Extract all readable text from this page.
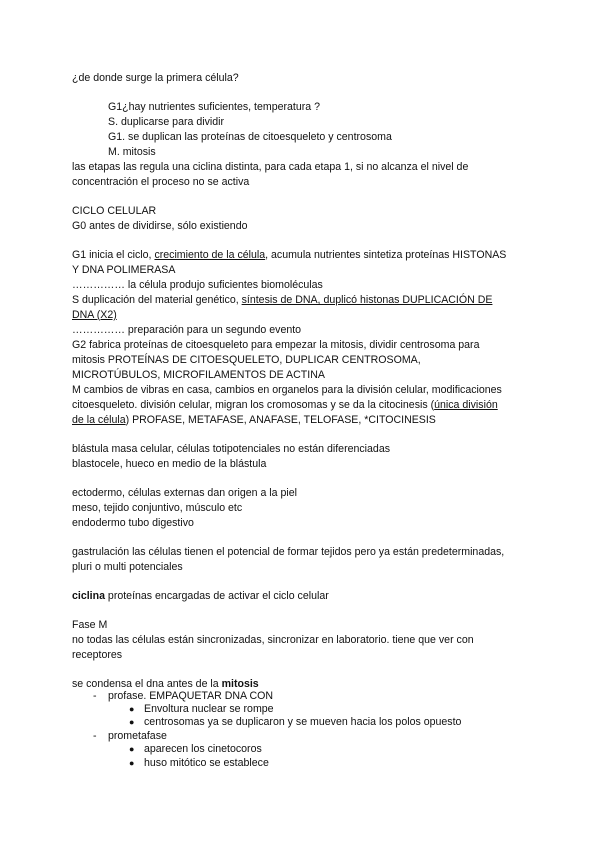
¿de donde surge la primera célula?
G1¿hay nutrientes suficientes, temperatura ?
S. duplicarse para dividir
G1. se duplican las proteínas de citoesqueleto y centrosoma
M. mitosis
las etapas las regula una ciclina distinta, para cada etapa 1, si no alcanza el nivel de
concentración el proceso no se activa
CICLO CELULAR
G0 antes de dividirse, sólo existiendo
G1 inicia el ciclo, crecimiento de la célula, acumula nutrientes sintetiza proteínas HISTONAS
Y DNA POLIMERASA
…………… la célula produjo suficientes biomoléculas
S duplicación del material genético, síntesis de DNA, duplicó histonas DUPLICACIÓN DE
DNA (X2)
…………… preparación para un segundo evento
G2 fabrica proteínas de citoesqueleto para empezar la mitosis, dividir centrosoma para
mitosis PROTEÍNAS DE CITOESQUELETO, DUPLICAR CENTROSOMA,
MICROTÚBULOS, MICROFILAMENTOS DE ACTINA
M cambios de vibras en casa, cambios en organelos para la división celular, modificaciones
citoesqueleto. división celular, migran los cromosomas y se da la citocinesis (única división
de la célula) PROFASE, METAFASE, ANAFASE, TELOFASE, *CITOCINESIS
blástula masa celular, células totipotenciales no están diferenciadas
blastocele, hueco en medio de la blástula
ectodermo, células externas dan origen a la piel
meso, tejido conjuntivo, músculo etc
endodermo tubo digestivo
gastrulación las células tienen el potencial de formar tejidos pero ya están predeterminadas,
pluri o multi potenciales
ciclina proteínas encargadas de activar el ciclo celular
Fase M
no todas las células están sincronizadas, sincronizar en laboratorio. tiene que ver con
receptores
se condensa el dna antes de la mitosis
- profase. EMPAQUETAR DNA CON
● Envoltura nuclear se rompe
● centrosomas ya se duplicaron y se mueven hacia los polos opuesto
- prometafase
● aparecen los cinetocoros
● huso mitótico se establece
